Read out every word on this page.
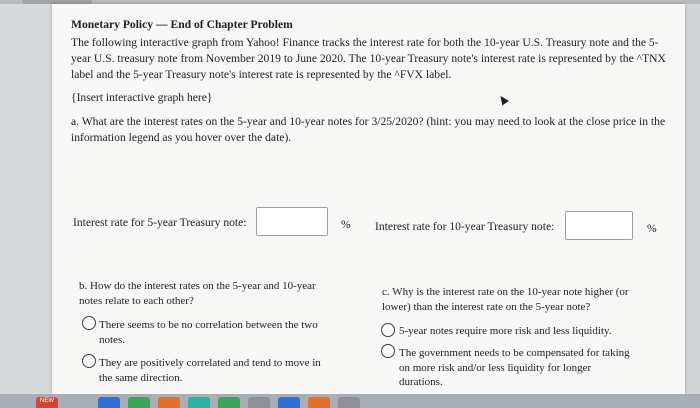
Monetary Policy — End of Chapter Problem
The following interactive graph from Yahoo! Finance tracks the interest rate for both the 10-year U.S. Treasury note and the 5-
year U.S. treasury note from November 2019 to June 2020. The 10-year Treasury note's interest rate is represented by the ^TNX
label and the 5-year Treasury note's interest rate is represented by the ^FVX label.
{Insert interactive graph here}
a. What are the interest rates on the 5-year and 10-year notes for 3/25/2020? (hint: you may need to look at the close price in the
information legend as you hover over the date).
Interest rate for 5-year Treasury note:	% Interest rate for 10-year Treasury note:	%
b. How do the interest rates on the 5-year and 10-year
notes relate to each other?
There seems to be no correlation between the two
notes.
They are positively correlated and tend to move in
the same direction.
c. Why is the interest rate on the 10-year note higher (or
lower) than the interest rate on the 5-year note?
5-year notes require more risk and less liquidity.
The government needs to be compensated for taking
on more risk and/or less liquidity for longer
durations.
NEW
